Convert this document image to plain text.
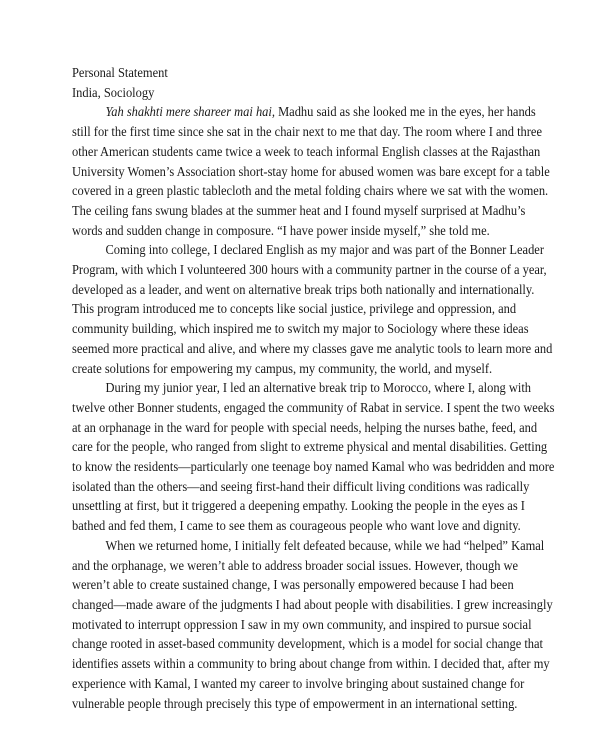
Personal Statement

India, Sociology

Yah shakhti mere shareer mai hai, Madhu said as she looked me in the eyes, her hands
still for the first time since she sat in the chair next to me that day. The room where I and three
other American students came twice a week to teach informal English classes at the Rajasthan
University Women’s Association short-stay home for abused women was bare except for a table
covered in a green plastic tablecloth and the metal folding chairs where we sat with the women.
The ceiling fans swung blades at the summer heat and I found myself surprised at Madhu’s
words and sudden change in composure. “I have power inside myself,” she told me.

Coming into college, I declared English as my major and was part of the Bonner Leader
Program, with which I volunteered 300 hours with a community partner in the course of a year,
developed as a leader, and went on alternative break trips both nationally and internationally.
This program introduced me to concepts like social justice, privilege and oppression, and
community building, which inspired me to switch my major to Sociology where these ideas
seemed more practical and alive, and where my classes gave me analytic tools to learn more and
create solutions for empowering my campus, my community, the world, and myself.

During my junior year, I led an alternative break trip to Morocco, where I, along with
twelve other Bonner students, engaged the community of Rabat in service. I spent the two weeks
at an orphanage in the ward for people with special needs, helping the nurses bathe, feed, and
care for the people, who ranged from slight to extreme physical and mental disabilities. Getting
to know the residents—particularly one teenage boy named Kamal who was bedridden and more
isolated than the others—and seeing first-hand their difficult living conditions was radically
unsettling at first, but it triggered a deepening empathy. Looking the people in the eyes as I
bathed and fed them, I came to see them as courageous people who want love and dignity.

When we returned home, I initially felt defeated because, while we had “helped” Kamal
and the orphanage, we weren’t able to address broader social issues. However, though we
weren’t able to create sustained change, I was personally empowered because I had been
changed—made aware of the judgments I had about people with disabilities. I grew increasingly
motivated to interrupt oppression I saw in my own community, and inspired to pursue social
change rooted in asset-based community development, which is a model for social change that
identifies assets within a community to bring about change from within. I decided that, after my
experience with Kamal, I wanted my career to involve bringing about sustained change for
vulnerable people through precisely this type of empowerment in an international setting.
